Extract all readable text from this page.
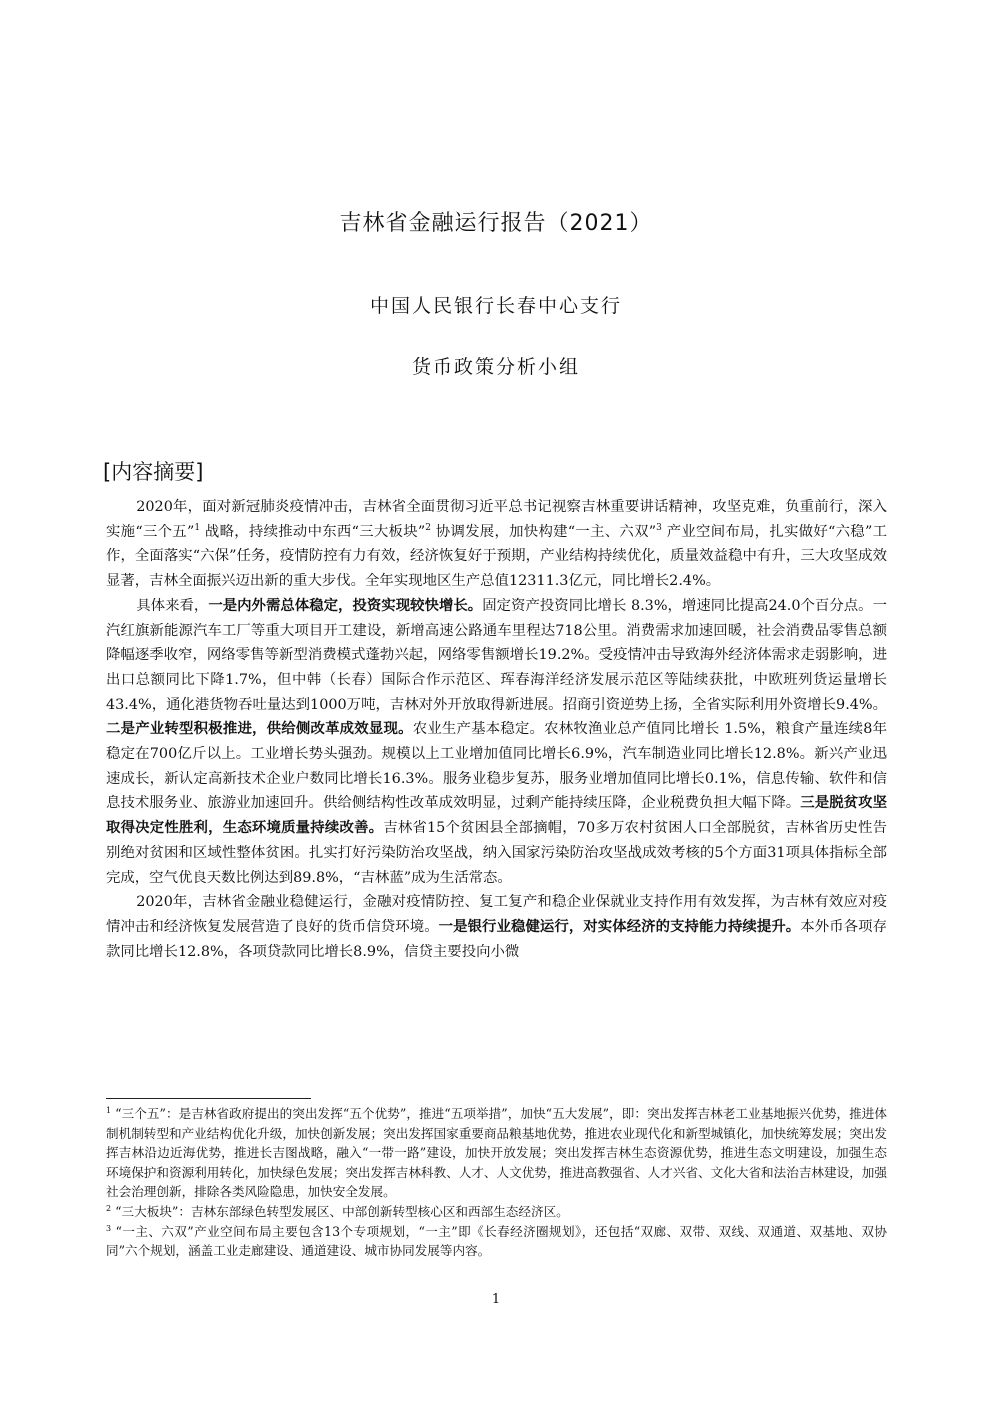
吉林省金融运行报告（2021）
中国人民银行长春中心支行
货币政策分析小组
[内容摘要]

2020年，面对新冠肺炎疫情冲击，吉林省全面贯彻习近平总书记视察吉林重要讲话精神，攻坚克难，负重前行，深入实施“三个五”$^1$ 战略，持续推动中东西“三大板块”$^2$ 协调发展，加快构建“一主、六双”$^3$ 产业空间布局，扎实做好“六稳”工作，全面落实“六保”任务，疫情防控有力有效，经济恢复好于预期，产业结构持续优化，质量效益稳中有升，三大攻坚成效显著，吉林全面振兴迈出新的重大步伐。全年实现地区生产总值12311.3亿元，同比增长2.4%。

具体来看，一是内外需总体稳定，投资实现较快增长。固定资产投资同比增长 8.3%，增速同比提高24.0个百分点。一汽红旗新能源汽车工厂等重大项目开工建设，新增高速公路通车里程达718公里。消费需求加速回暖，社会消费品零售总额降幅逐季收窄，网络零售等新型消费模式蓬勃兴起，网络零售额增长19.2%。受疫情冲击导致海外经济体需求走弱影响，进出口总额同比下降1.7%，但中韩（长春）国际合作示范区、珲春海洋经济发展示范区等陆续获批，中欧班列货运量增长43.4%，通化港货物吞吐量达到1000万吨，吉林对外开放取得新进展。招商引资逆势上扬，全省实际利用外资增长9.4%。二是产业转型积极推进，供给侧改革成效显现。农业生产基本稳定。农林牧渔业总产值同比增长 1.5%，粮食产量连续8年稳定在700亿斤以上。工业增长势头强劲。规模以上工业增加值同比增长6.9%，汽车制造业同比增长12.8%。新兴产业迅速成长，新认定高新技术企业户数同比增长16.3%。服务业稳步复苏，服务业增加值同比增长0.1%，信息传输、软件和信息技术服务业、旅游业加速回升。供给侧结构性改革成效明显，过剩产能持续压降，企业税费负担大幅下降。三是脱贫攻坚取得决定性胜利，生态环境质量持续改善。吉林省15个贫困县全部摘帽，70多万农村贫困人口全部脱贫，吉林省历史性告别绝对贫困和区域性整体贫困。扎实打好污染防治攻坚战，纳入国家污染防治攻坚战成效考核的5个方面31项具体指标全部完成，空气优良天数比例达到89.8%，“吉林蓝”成为生活常态。

2020年，吉林省金融业稳健运行，金融对疫情防控、复工复产和稳企业保就业支持作用有效发挥，为吉林有效应对疫情冲击和经济恢复发展营造了良好的货币信贷环境。一是银行业稳健运行，对实体经济的支持能力持续提升。本外币各项存款同比增长12.8%，各项贷款同比增长8.9%，信贷主要投向小微

$^1$ “三个五”：是吉林省政府提出的突出发挥“五个优势”，推进“五项举措”，加快“五大发展”，即：突出发挥吉林老工业基地振兴优势，推进体制机制转型和产业结构优化升级，加快创新发展；突出发挥国家重要商品粮基地优势，推进农业现代化和新型城镇化，加快统筹发展；突出发挥吉林沿边近海优势，推进长吉图战略，融入“一带一路”建设，加快开放发展；突出发挥吉林生态资源优势，推进生态文明建设，加强生态环境保护和资源利用转化，加快绿色发展；突出发挥吉林科教、人才、人文优势，推进高教强省、人才兴省、文化大省和法治吉林建设，加强社会治理创新，排除各类风险隐患，加快安全发展。

$^2$ “三大板块”：吉林东部绿色转型发展区、中部创新转型核心区和西部生态经济区。

$^3$ “一主、六双”产业空间布局主要包含13个专项规划，“一主”即《长春经济圈规划》，还包括“双廊、双带、双线、双通道、双基地、双协同”六个规划，涵盖工业走廊建设、通道建设、城市协同发展等内容。

1
